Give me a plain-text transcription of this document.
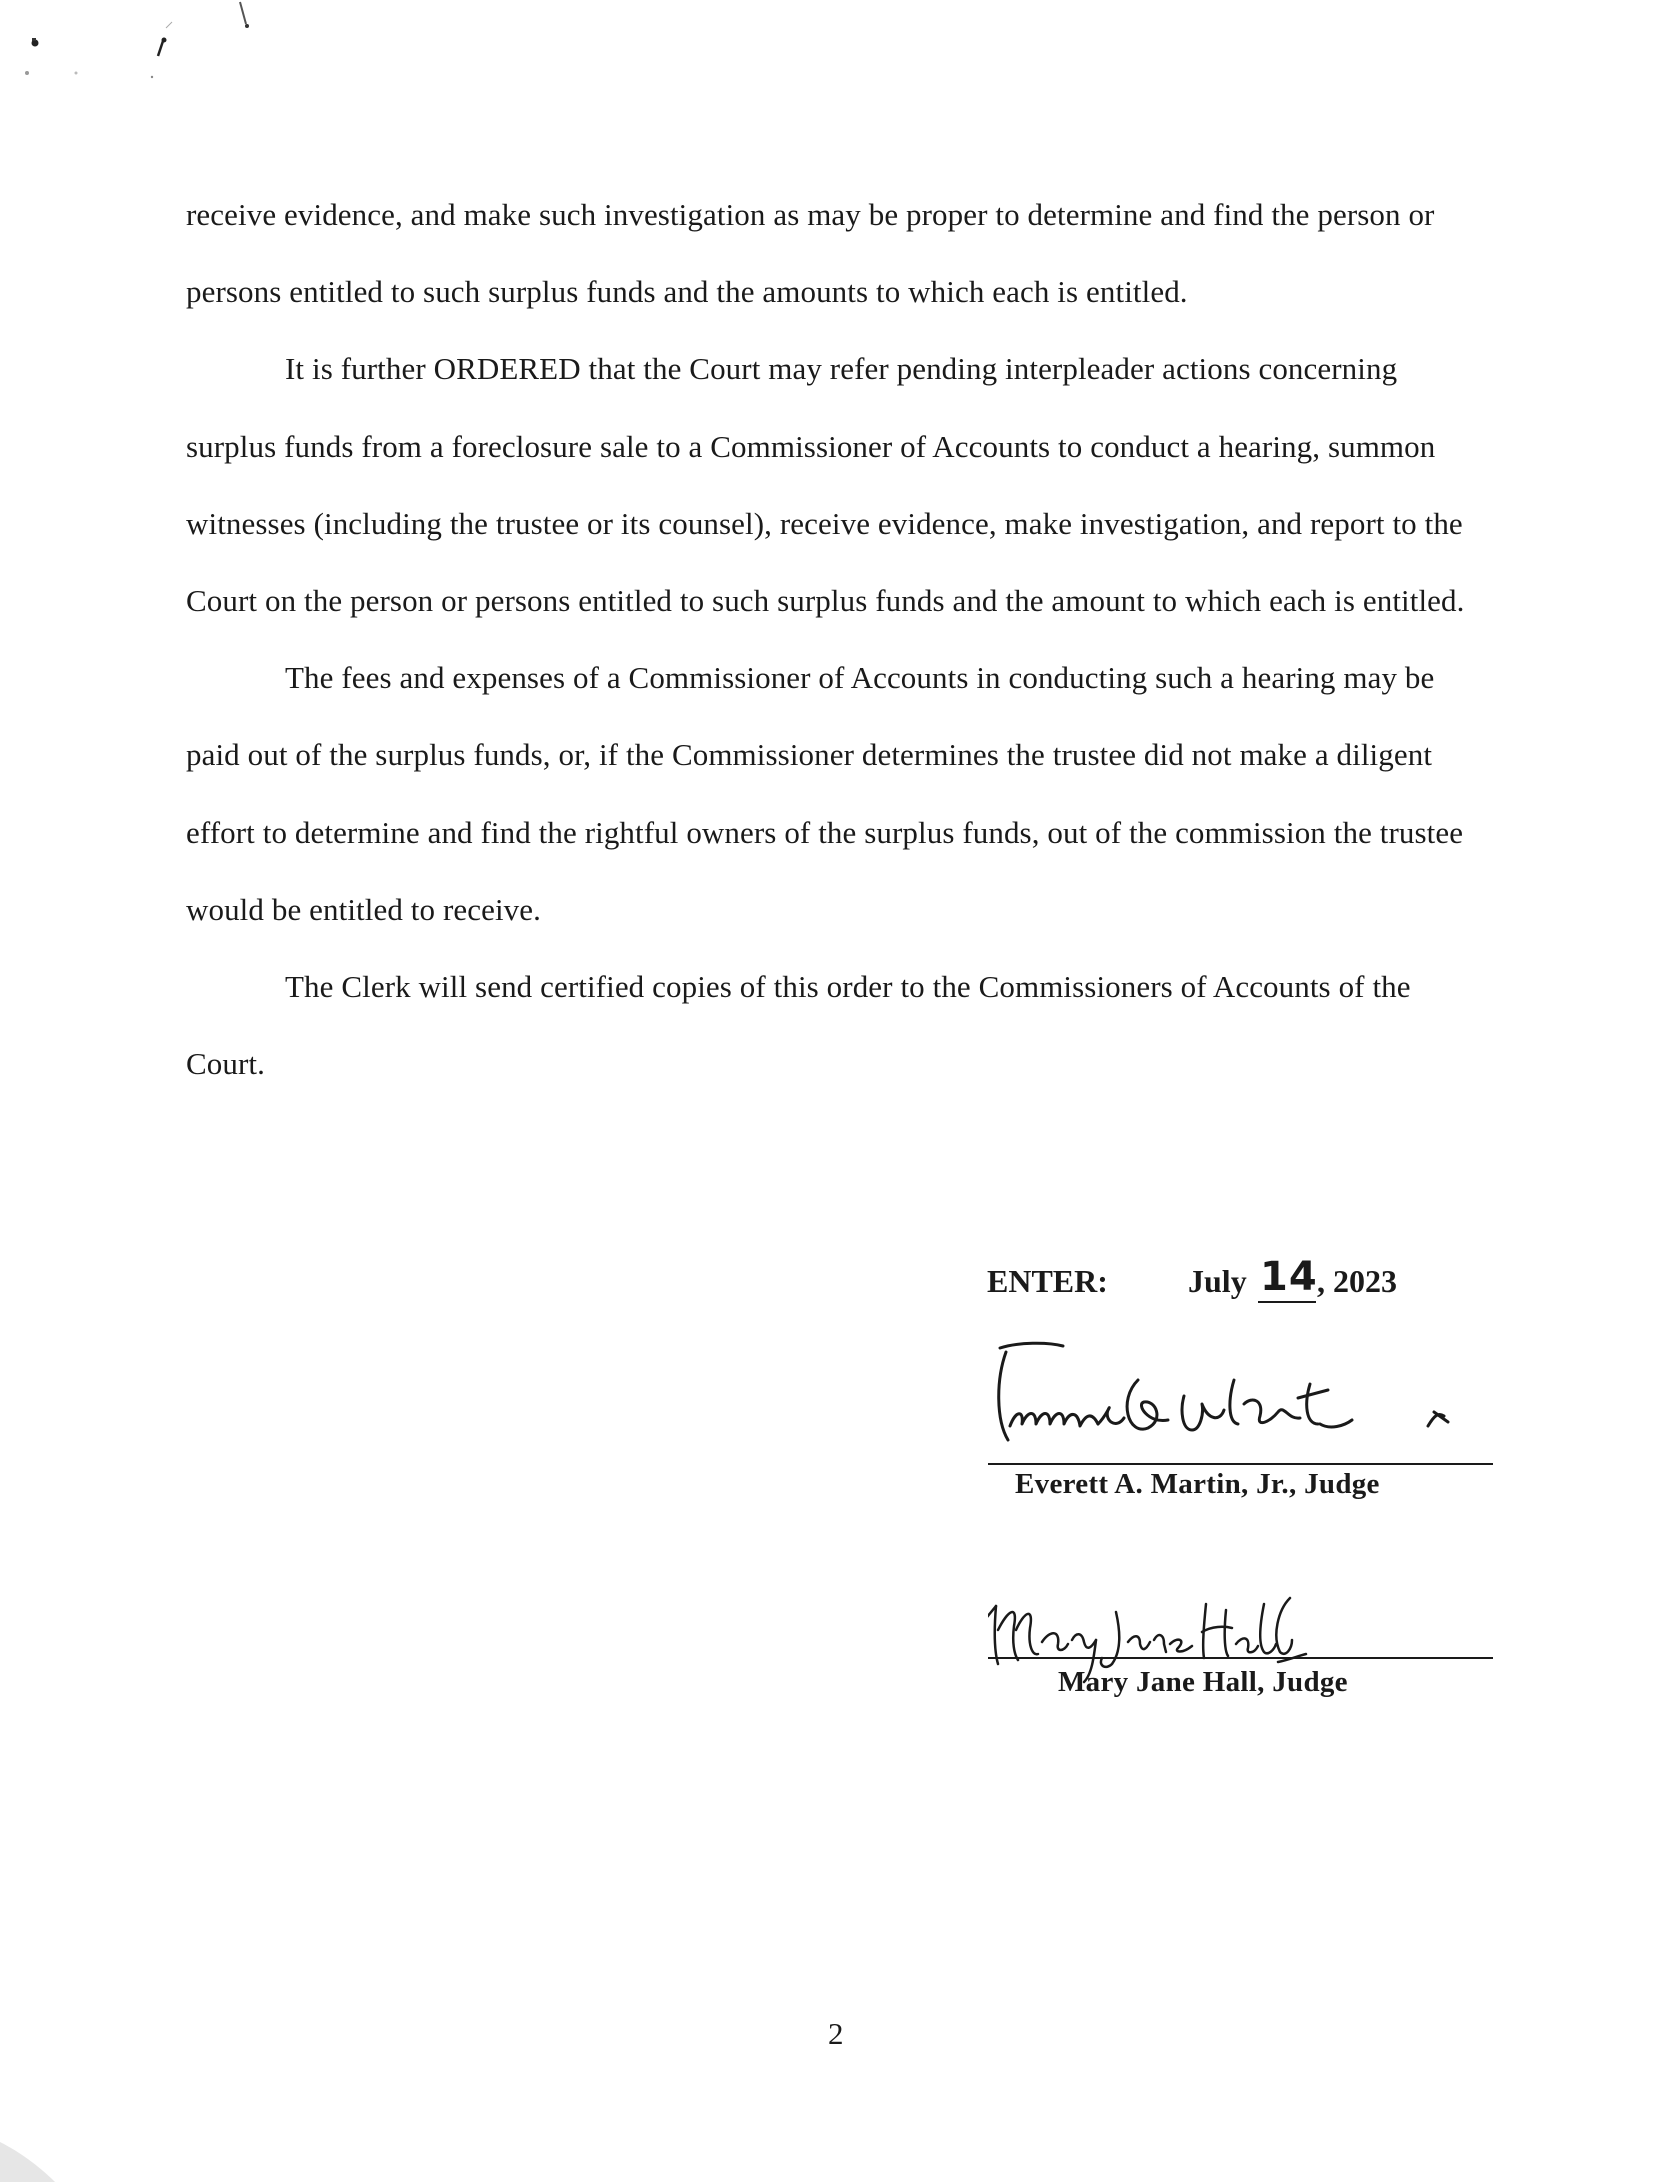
receive evidence, and make such investigation as may be proper to determine and find the person or persons entitled to such surplus funds and the amounts to which each is entitled.

It is further ORDERED that the Court may refer pending interpleader actions concerning surplus funds from a foreclosure sale to a Commissioner of Accounts to conduct a hearing, summon witnesses (including the trustee or its counsel), receive evidence, make investigation, and report to the Court on the person or persons entitled to such surplus funds and the amount to which each is entitled.

The fees and expenses of a Commissioner of Accounts in conducting such a hearing may be paid out of the surplus funds, or, if the Commissioner determines the trustee did not make a diligent effort to determine and find the rightful owners of the surplus funds, out of the commission the trustee would be entitled to receive.

The Clerk will send certified copies of this order to the Commissioners of Accounts of the Court.

ENTER:	July 14 , 2023
Everett A. Martin, Jr., Judge
Mary Jane Hall, Judge
2
